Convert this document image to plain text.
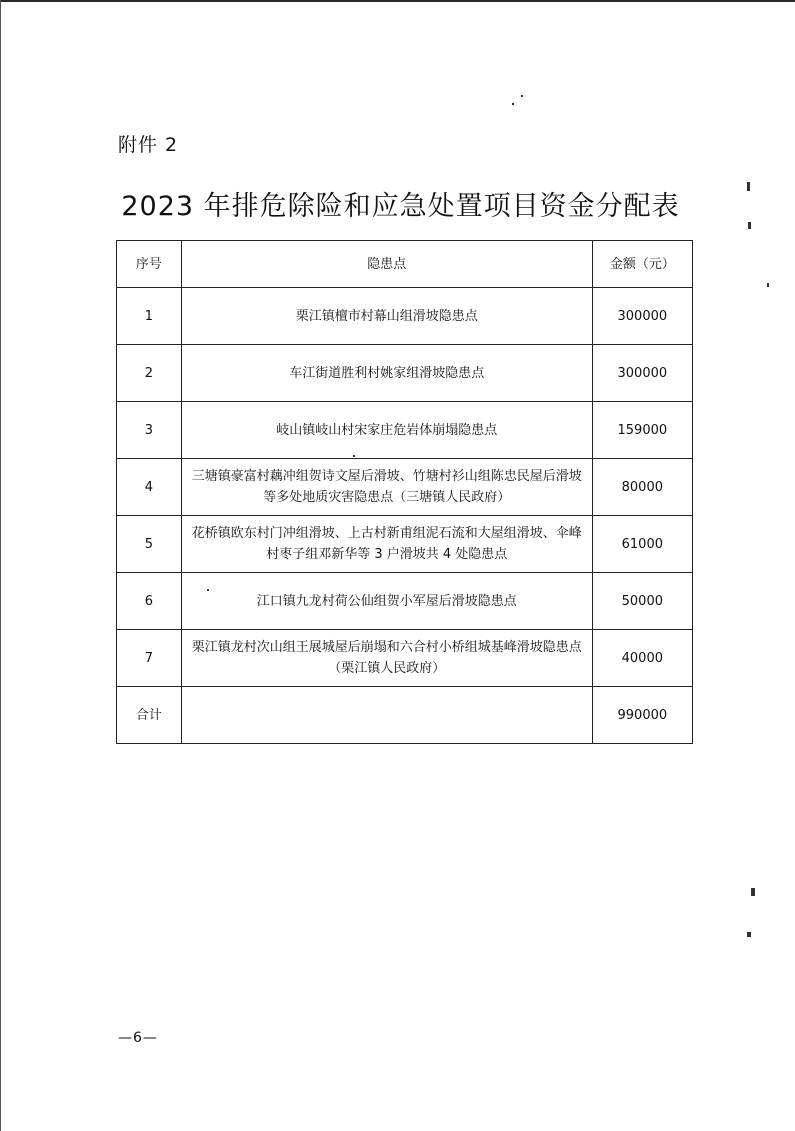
附件 2
2023 年排危除险和应急处置项目资金分配表
序号	隐患点	金额（元）
1	栗江镇檀市村幕山组滑坡隐患点	300000
2	车江街道胜利村姚家组滑坡隐患点	300000
3	岐山镇岐山村宋家庄危岩体崩塌隐患点	159000
4	三塘镇豪富村藕冲组贺诗文屋后滑坡、竹塘村衫山组陈忠民屋后滑坡等多处地质灾害隐患点（三塘镇人民政府）	80000
5	花桥镇欧东村门冲组滑坡、上古村新甫组泥石流和大屋组滑坡、伞峰村枣子组邓新华等 3 户滑坡共 4 处隐患点	61000
6	江口镇九龙村荷公仙组贺小军屋后滑坡隐患点	50000
7	栗江镇龙村次山组王展城屋后崩塌和六合村小桥组城基峰滑坡隐患点（栗江镇人民政府）	40000
合计		990000
—6—
